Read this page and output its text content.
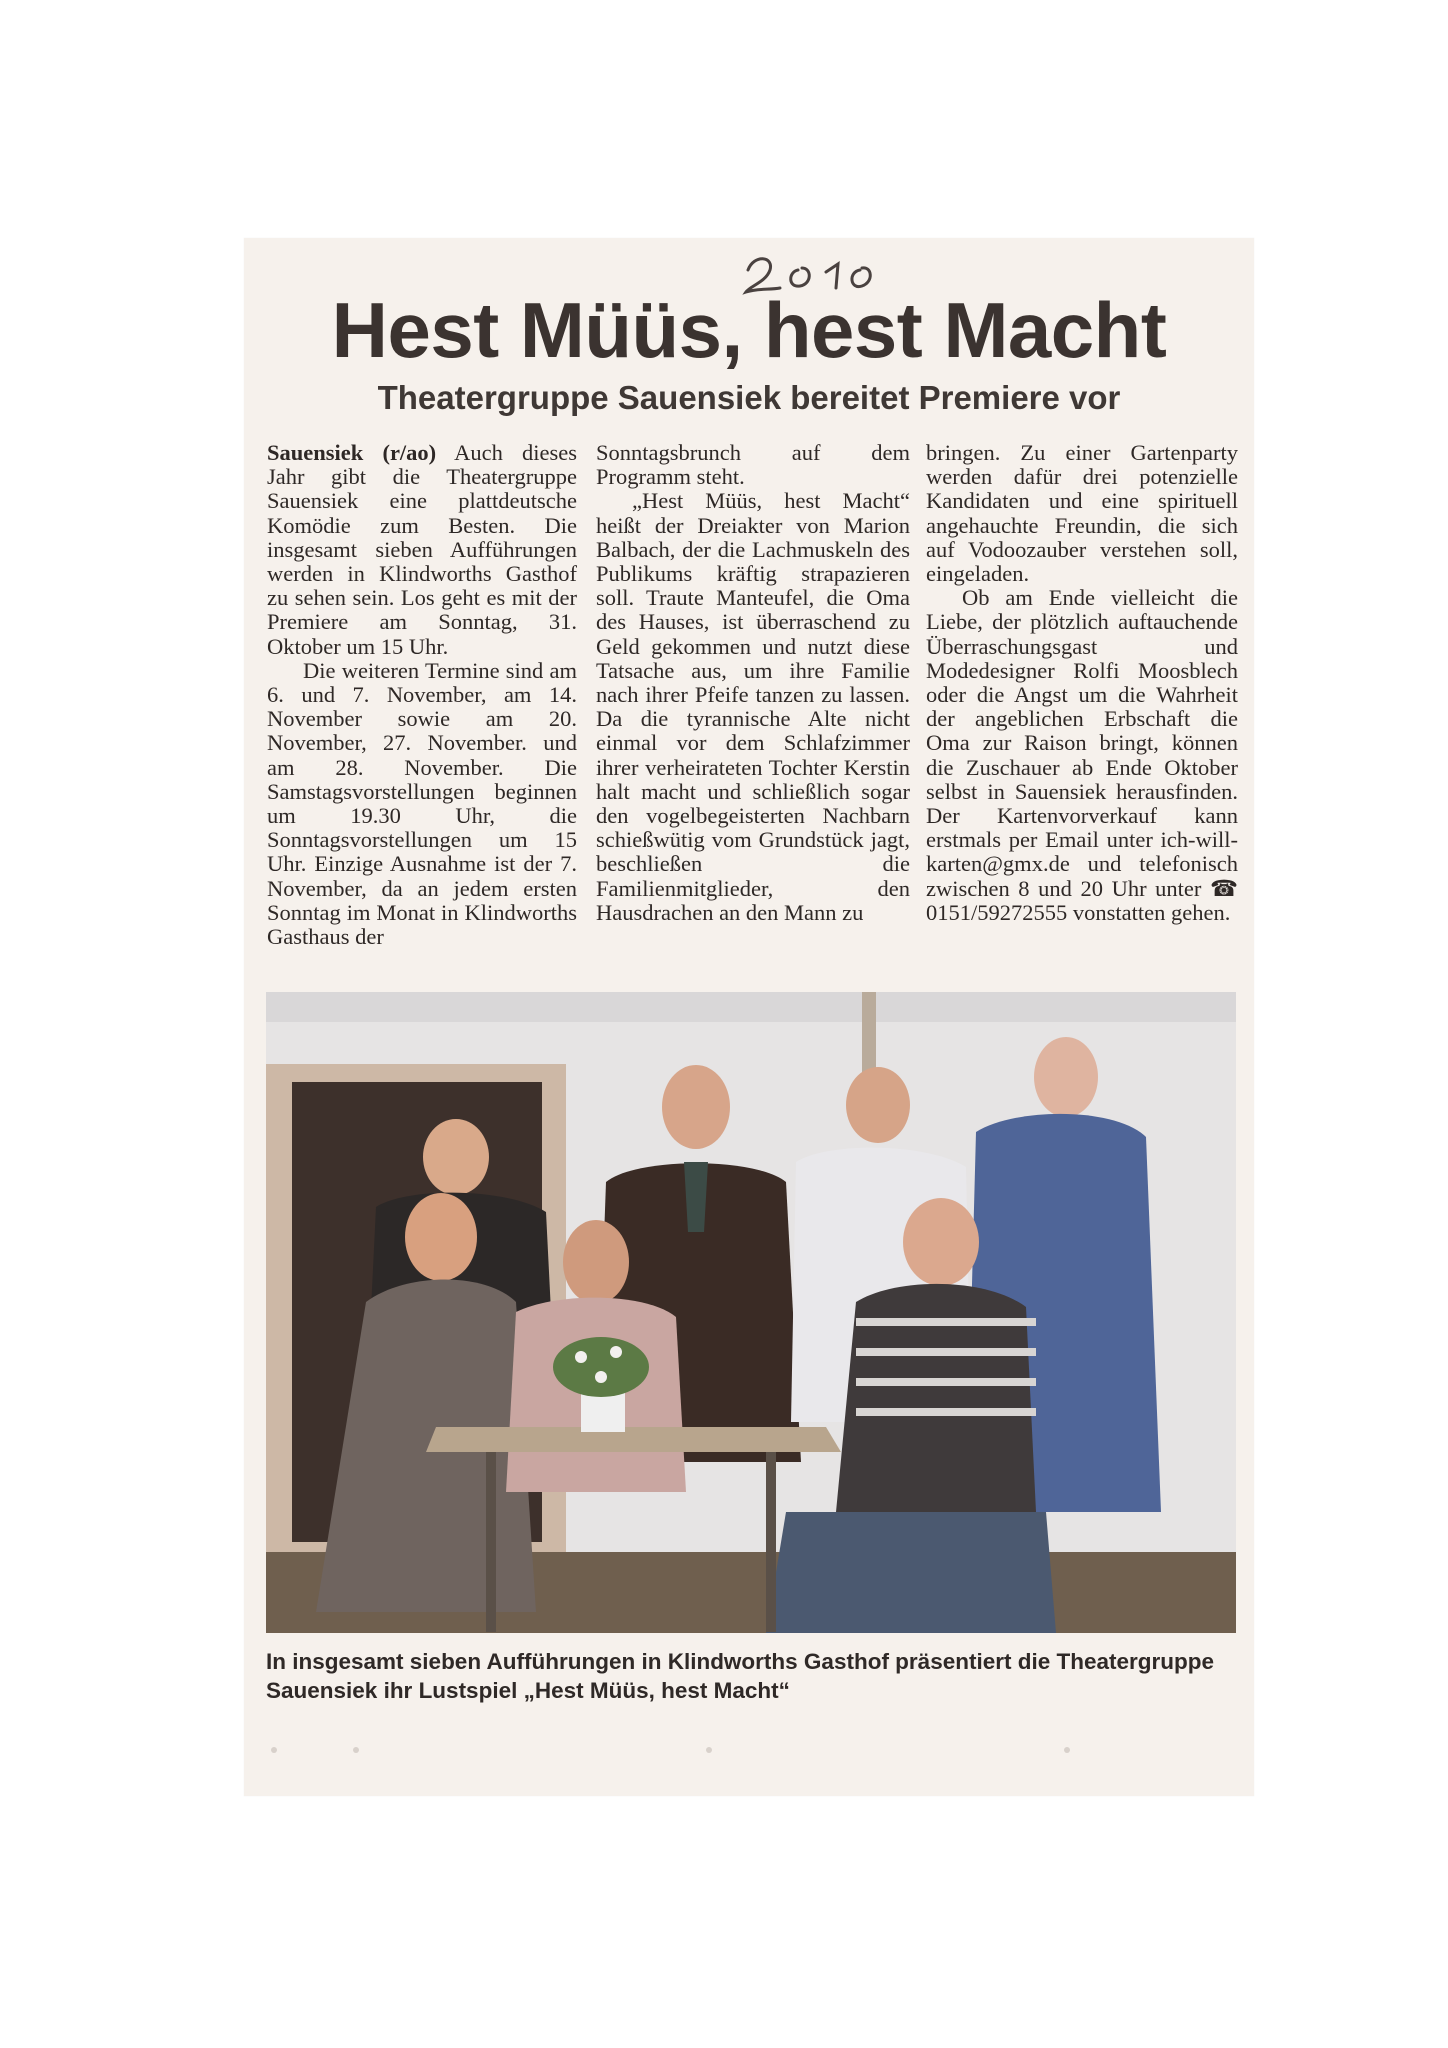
Hest Müüs, hest Macht
Theatergruppe Sauensiek bereitet Premiere vor

Sauensiek (r/ao) Auch dieses Jahr gibt die Theatergruppe Sauensiek eine plattdeutsche Komödie zum Besten. Die insgesamt sieben Aufführungen werden in Klindworths Gasthof zu sehen sein. Los geht es mit der Premiere am Sonntag, 31. Oktober um 15 Uhr.

Die weiteren Termine sind am 6. und 7. November, am 14. November sowie am 20. November, 27. November. und am 28. November. Die Samstagsvorstellungen beginnen um 19.30 Uhr, die Sonntagsvorstellungen um 15 Uhr. Einzige Ausnahme ist der 7. November, da an jedem ersten Sonntag im Monat in Klindworths Gasthaus der

Sonntagsbrunch auf dem Programm steht.

„Hest Müüs, hest Macht“ heißt der Dreiakter von Marion Balbach, der die Lachmuskeln des Publikums kräftig strapazieren soll. Traute Manteufel, die Oma des Hauses, ist überraschend zu Geld gekommen und nutzt diese Tatsache aus, um ihre Familie nach ihrer Pfeife tanzen zu lassen. Da die tyrannische Alte nicht einmal vor dem Schlafzimmer ihrer verheirateten Tochter Kerstin halt macht und schließlich sogar den vogelbegeisterten Nachbarn schießwütig vom Grundstück jagt, beschließen die Familienmitglieder, den Hausdrachen an den Mann zu

bringen. Zu einer Gartenparty werden dafür drei potenzielle Kandidaten und eine spirituell angehauchte Freundin, die sich auf Vodoozauber verstehen soll, eingeladen.

Ob am Ende vielleicht die Liebe, der plötzlich auftauchende Überraschungsgast und Modedesigner Rolfi Moosblech oder die Angst um die Wahrheit der angeblichen Erbschaft die Oma zur Raison bringt, können die Zuschauer ab Ende Oktober selbst in Sauensiek herausfinden. Der Kartenvorverkauf kann erstmals per Email unter ich-will-karten@gmx.de und telefonisch zwischen 8 und 20 Uhr unter ☎ 0151/59272555 vonstatten gehen.

In insgesamt sieben Aufführungen in Klindworths Gasthof präsentiert die Theatergruppe Sauensiek ihr Lustspiel „Hest Müüs, hest Macht“
